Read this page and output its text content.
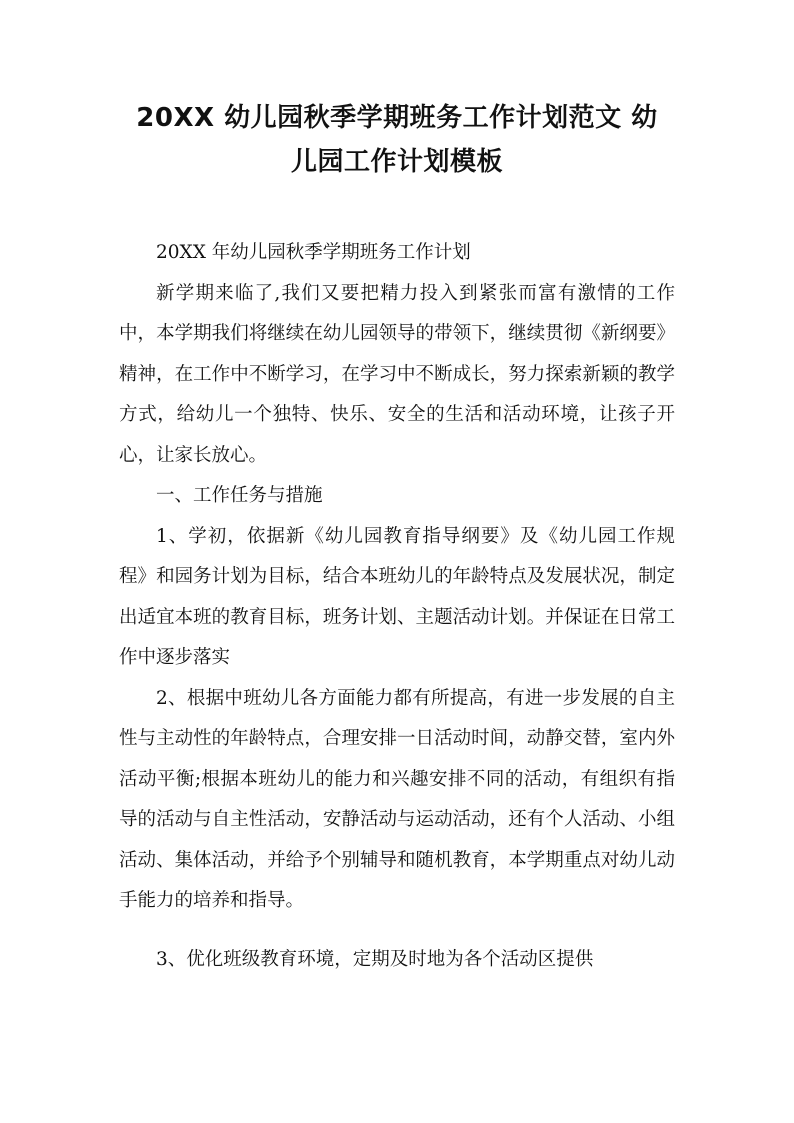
20XX 幼儿园秋季学期班务工作计划范文 幼
儿园工作计划模板

20XX 年幼儿园秋季学期班务工作计划

新学期来临了,我们又要把精力投入到紧张而富有激情的工作中，本学期我们将继续在幼儿园领导的带领下，继续贯彻《新纲要》精神，在工作中不断学习，在学习中不断成长，努力探索新颖的教学方式，给幼儿一个独特、快乐、安全的生活和活动环境，让孩子开心，让家长放心。

一、工作任务与措施

1、学初，依据新《幼儿园教育指导纲要》及《幼儿园工作规程》和园务计划为目标，结合本班幼儿的年龄特点及发展状况，制定出适宜本班的教育目标，班务计划、主题活动计划。并保证在日常工作中逐步落实

2、根据中班幼儿各方面能力都有所提高，有进一步发展的自主性与主动性的年龄特点，合理安排一日活动时间，动静交替，室内外活动平衡;根据本班幼儿的能力和兴趣安排不同的活动，有组织有指导的活动与自主性活动，安静活动与运动活动，还有个人活动、小组活动、集体活动，并给予个别辅导和随机教育，本学期重点对幼儿动手能力的培养和指导。

3、优化班级教育环境，定期及时地为各个活动区提供
